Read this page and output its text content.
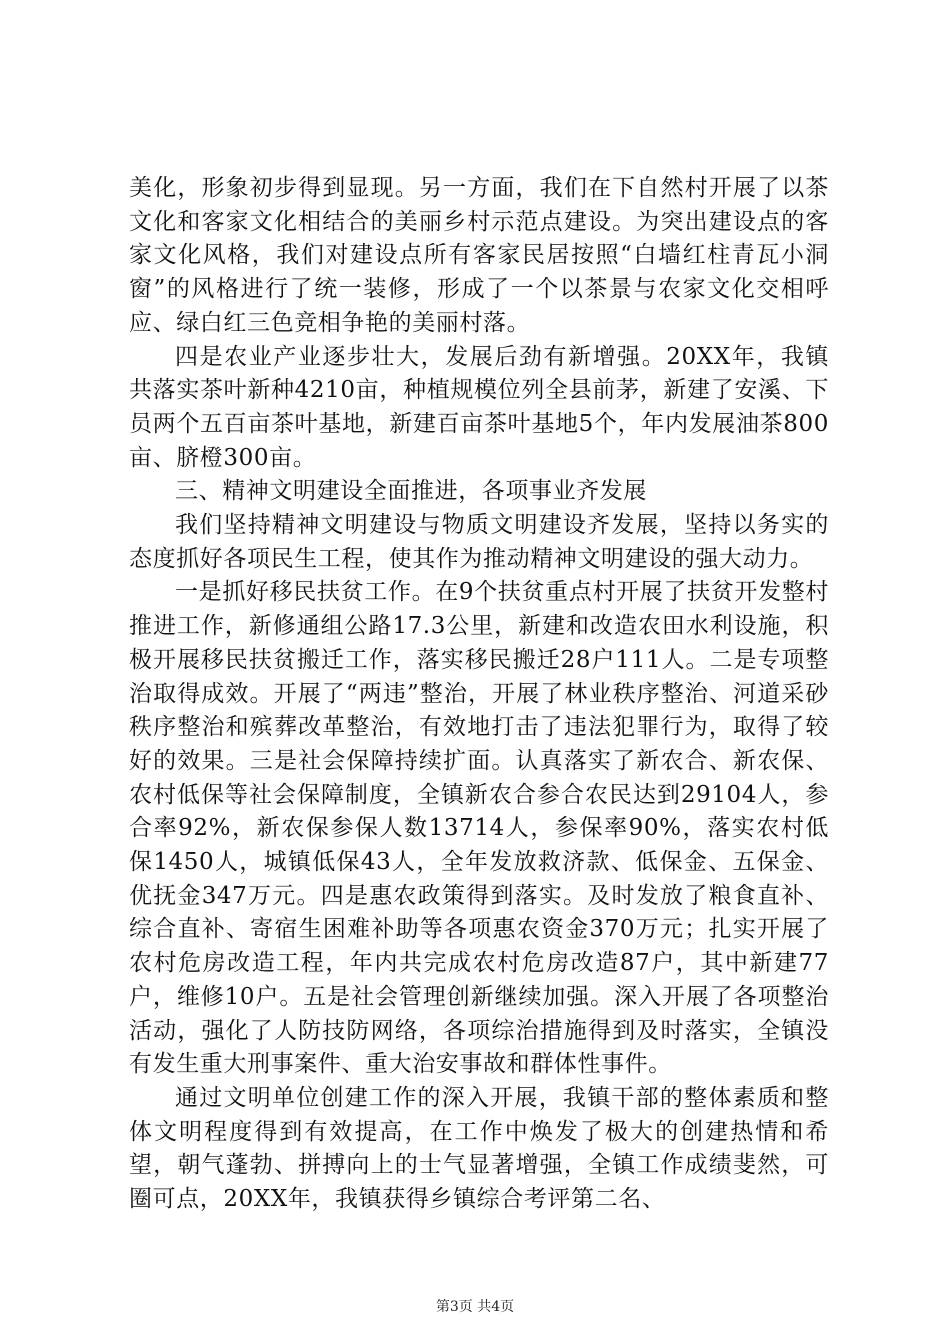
美化，形象初步得到显现。另一方面，我们在下自然村开展了以茶文化和客家文化相结合的美丽乡村示范点建设。为突出建设点的客家文化风格，我们对建设点所有客家民居按照“白墙红柱青瓦小洞窗”的风格进行了统一装修，形成了一个以茶景与农家文化交相呼应、绿白红三色竞相争艳的美丽村落。

四是农业产业逐步壮大，发展后劲有新增强。20XX年，我镇共落实茶叶新种4210亩，种植规模位列全县前茅，新建了安溪、下员两个五百亩茶叶基地，新建百亩茶叶基地5个，年内发展油茶800亩、脐橙300亩。

三、精神文明建设全面推进，各项事业齐发展

我们坚持精神文明建设与物质文明建设齐发展，坚持以务实的态度抓好各项民生工程，使其作为推动精神文明建设的强大动力。

一是抓好移民扶贫工作。在9个扶贫重点村开展了扶贫开发整村推进工作，新修通组公路17.3公里，新建和改造农田水利设施，积极开展移民扶贫搬迁工作，落实移民搬迁28户111人。二是专项整治取得成效。开展了“两违”整治，开展了林业秩序整治、河道采砂秩序整治和殡葬改革整治，有效地打击了违法犯罪行为，取得了较好的效果。三是社会保障持续扩面。认真落实了新农合、新农保、农村低保等社会保障制度，全镇新农合参合农民达到29104人，参合率92%，新农保参保人数13714人，参保率90%，落实农村低保1450人，城镇低保43人，全年发放救济款、低保金、五保金、优抚金347万元。四是惠农政策得到落实。及时发放了粮食直补、综合直补、寄宿生困难补助等各项惠农资金370万元；扎实开展了农村危房改造工程，年内共完成农村危房改造87户，其中新建77户，维修10户。五是社会管理创新继续加强。深入开展了各项整治活动，强化了人防技防网络，各项综治措施得到及时落实，全镇没有发生重大刑事案件、重大治安事故和群体性事件。

通过文明单位创建工作的深入开展，我镇干部的整体素质和整体文明程度得到有效提高，在工作中焕发了极大的创建热情和希望，朝气蓬勃、拼搏向上的士气显著增强，全镇工作成绩斐然，可圈可点，20XX年，我镇获得乡镇综合考评第二名、

第3页 共4页
